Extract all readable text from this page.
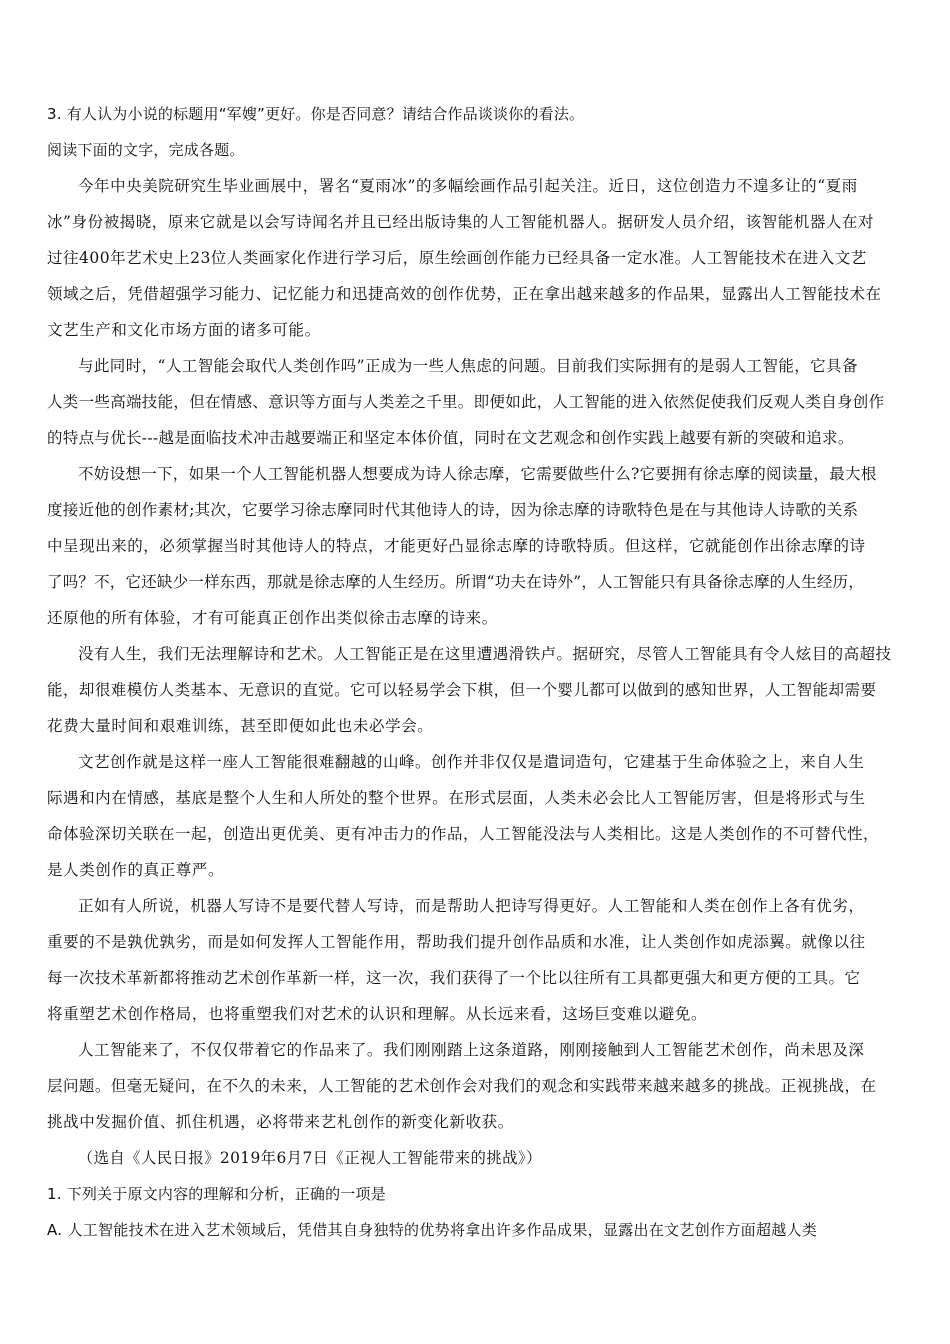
3. 有人认为小说的标题用“军嫂”更好。你是否同意？请结合作品谈谈你的看法。
阅读下面的文字，完成各题。
今年中央美院研究生毕业画展中，署名“夏雨冰”的多幅绘画作品引起关注。近日，这位创造力不遑多让的“夏雨
冰”身份被揭晓，原来它就是以会写诗闻名并且已经出版诗集的人工智能机器人。据研发人员介绍，该智能机器人在对
过往400年艺术史上23位人类画家化作进行学习后，原生绘画创作能力已经具备一定水准。人工智能技术在进入文艺
领域之后，凭借超强学习能力、记忆能力和迅捷高效的创作优势，正在拿出越来越多的作品果，显露出人工智能技术在
文艺生产和文化市场方面的诸多可能。
与此同时，“人工智能会取代人类创作吗”正成为一些人焦虑的问题。目前我们实际拥有的是弱人工智能，它具备
人类一些高端技能，但在情感、意识等方面与人类差之千里。即便如此，人工智能的进入依然促使我们反观人类自身创作
的特点与优长---越是面临技术冲击越要端正和坚定本体价值，同时在文艺观念和创作实践上越要有新的突破和追求。
不妨设想一下，如果一个人工智能机器人想要成为诗人徐志摩，它需要做些什么?它要拥有徐志摩的阅读量，最大根
度接近他的创作素材;其次，它要学习徐志摩同时代其他诗人的诗，因为徐志摩的诗歌特色是在与其他诗人诗歌的关系
中呈现出来的，必须掌握当时其他诗人的特点，才能更好凸显徐志摩的诗歌特质。但这样，它就能创作出徐志摩的诗
了吗？不，它还缺少一样东西，那就是徐志摩的人生经历。所谓“功夫在诗外”，人工智能只有具备徐志摩的人生经历，
还原他的所有体验，才有可能真正创作出类似徐击志摩的诗来。
没有人生，我们无法理解诗和艺术。人工智能正是在这里遭遇滑铁卢。据研究，尽管人工智能具有令人炫目的高超技
能，却很难模仿人类基本、无意识的直觉。它可以轻易学会下棋，但一个婴儿都可以做到的感知世界，人工智能却需要
花费大量时间和艰难训练，甚至即便如此也未必学会。
文艺创作就是这样一座人工智能很难翻越的山峰。创作并非仅仅是遣词造句，它建基于生命体验之上，来自人生
际遇和内在情感，基底是整个人生和人所处的整个世界。在形式层面，人类未必会比人工智能厉害，但是将形式与生
命体验深切关联在一起，创造出更优美、更有冲击力的作品，人工智能没法与人类相比。这是人类创作的不可替代性，
是人类创作的真正尊严。
正如有人所说，机器人写诗不是要代替人写诗，而是帮助人把诗写得更好。人工智能和人类在创作上各有优劣，
重要的不是孰优孰劣，而是如何发挥人工智能作用，帮助我们提升创作品质和水准，让人类创作如虎添翼。就像以往
每一次技术革新都将推动艺术创作革新一样，这一次，我们获得了一个比以往所有工具都更强大和更方便的工具。它
将重塑艺术创作格局，也将重塑我们对艺术的认识和理解。从长远来看，这场巨变难以避免。
人工智能来了，不仅仅带着它的作品来了。我们刚刚踏上这条道路，刚刚接触到人工智能艺术创作，尚未思及深
层问题。但毫无疑问，在不久的未来，人工智能的艺术创作会对我们的观念和实践带来越来越多的挑战。正视挑战，在
挑战中发掘价值、抓住机遇，必将带来艺札创作的新变化新收获。
（选自《人民日报》2019年6月7日《正视人工智能带来的挑战》）
1. 下列关于原文内容的理解和分析，正确的一项是
A. 人工智能技术在进入艺术领域后，凭借其自身独特的优势将拿出许多作品成果，显露出在文艺创作方面超越人类
